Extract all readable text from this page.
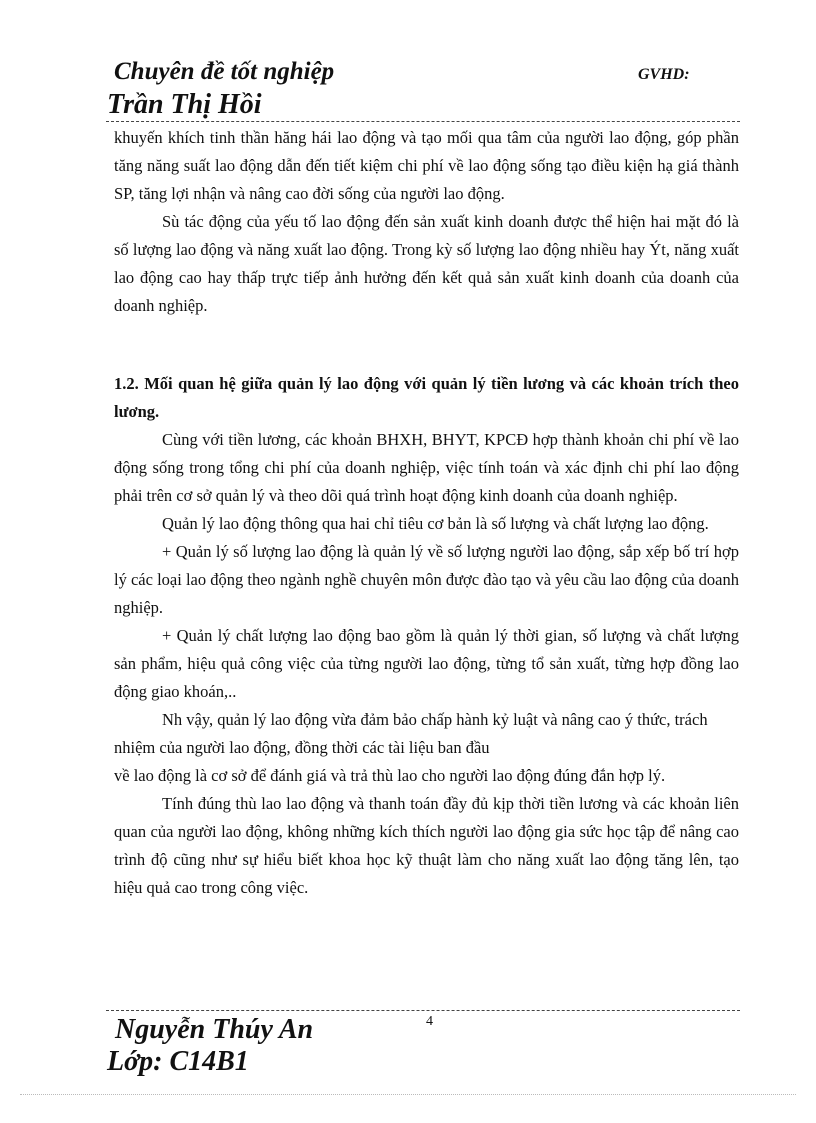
Chuyên đề tốt nghiệp	GVHD:
Trần Thị Hồi

khuyến khích tinh thần hăng hái lao động và tạo mối qua tâm của người lao động, góp phần tăng năng suất lao động dẫn đến tiết kiệm chi phí về lao động sống tạo điều kiện hạ giá thành SP, tăng lợi nhận và nâng cao đời sống của người lao động.

Sù tác động của yếu tố lao động đến sản xuất kinh doanh được thể hiện hai mặt đó là số lượng lao động và năng xuất lao động. Trong kỳ số lượng lao động nhiều hay Ýt, năng xuất lao động cao hay thấp trực tiếp ảnh hưởng đến kết quả sản xuất kinh doanh của doanh của doanh nghiệp.

1.2. Mối quan hệ giữa quản lý lao động với quản lý tiền lương và các khoản trích theo lương.

Cùng với tiền lương, các khoản BHXH, BHYT, KPCĐ hợp thành khoản chi phí về lao động sống trong tổng chi phí của doanh nghiệp, việc tính toán và xác định chi phí lao động phải trên cơ sở quản lý và theo dõi quá trình hoạt động kinh doanh của doanh nghiệp.

Quản lý lao động thông qua hai chỉ tiêu cơ bản là số lượng và chất lượng lao động.

+ Quản lý số lượng lao động là quản lý về số lượng người lao động, sắp xếp bố trí hợp lý các loại lao động theo ngành nghề chuyên môn được đào tạo và yêu cầu lao động của doanh nghiệp.

+ Quản lý chất lượng lao động bao gồm là quản lý thời gian, số lượng và chất lượng sản phẩm, hiệu quả công việc của từng người lao động, từng tổ sản xuất, từng hợp đồng lao động giao khoán,..

Nh vậy, quản lý lao động vừa đảm bảo chấp hành kỷ luật và nâng cao ý thức, trách nhiệm của người lao động, đồng thời các tài liệu ban đầu

về lao động là cơ sở để đánh giá và trả thù lao cho người lao động đúng đắn hợp lý.

Tính đúng thù lao lao động và thanh toán đầy đủ kịp thời tiền lương và các khoản liên quan của người lao động, không những kích thích người lao động gia sức học tập để nâng cao trình độ cũng như sự hiểu biết khoa học kỹ thuật làm cho năng xuất lao động tăng lên, tạo hiệu quả cao trong công việc.

4
Nguyễn Thúy An
Lớp: C14B1
